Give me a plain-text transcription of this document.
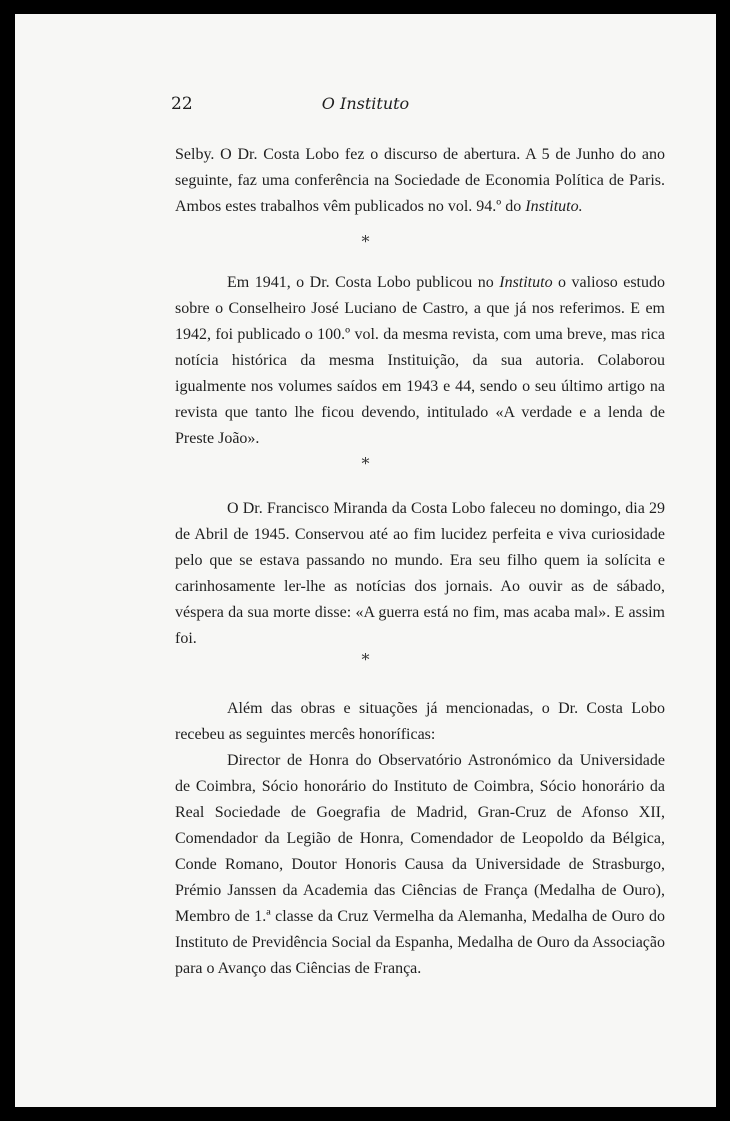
22	O Instituto

Selby. O Dr. Costa Lobo fez o discurso de abertura. A 5 de Junho do ano seguinte, faz uma conferência na Sociedade de Economia Política de Paris. Ambos estes trabalhos vêm publicados no vol. 94.º do Instituto.

*

Em 1941, o Dr. Costa Lobo publicou no Instituto o valioso estudo sobre o Conselheiro José Luciano de Castro, a que já nos referimos. E em 1942, foi publicado o 100.º vol. da mesma revista, com uma breve, mas rica notícia histórica da mesma Instituição, da sua autoria. Colaborou igualmente nos volumes saídos em 1943 e 44, sendo o seu último artigo na revista que tanto lhe ficou devendo, intitulado «A verdade e a lenda de Preste João».

*

O Dr. Francisco Miranda da Costa Lobo faleceu no domingo, dia 29 de Abril de 1945. Conservou até ao fim lucidez perfeita e viva curiosidade pelo que se estava passando no mundo. Era seu filho quem ia solícita e carinhosamente ler-lhe as notícias dos jornais. Ao ouvir as de sábado, véspera da sua morte disse: «A guerra está no fim, mas acaba mal». E assim foi.

*

Além das obras e situações já mencionadas, o Dr. Costa Lobo recebeu as seguintes mercês honoríficas:

Director de Honra do Observatório Astronómico da Universidade de Coimbra, Sócio honorário do Instituto de Coimbra, Sócio honorário da Real Sociedade de Goegrafia de Madrid, Gran-Cruz de Afonso XII, Comendador da Legião de Honra, Comendador de Leopoldo da Bélgica, Conde Romano, Doutor Honoris Causa da Universidade de Strasburgo, Prémio Janssen da Academia das Ciências de França (Medalha de Ouro), Membro de 1.ª classe da Cruz Vermelha da Alemanha, Medalha de Ouro do Instituto de Previdência Social da Espanha, Medalha de Ouro da Associação para o Avanço das Ciências de França.
